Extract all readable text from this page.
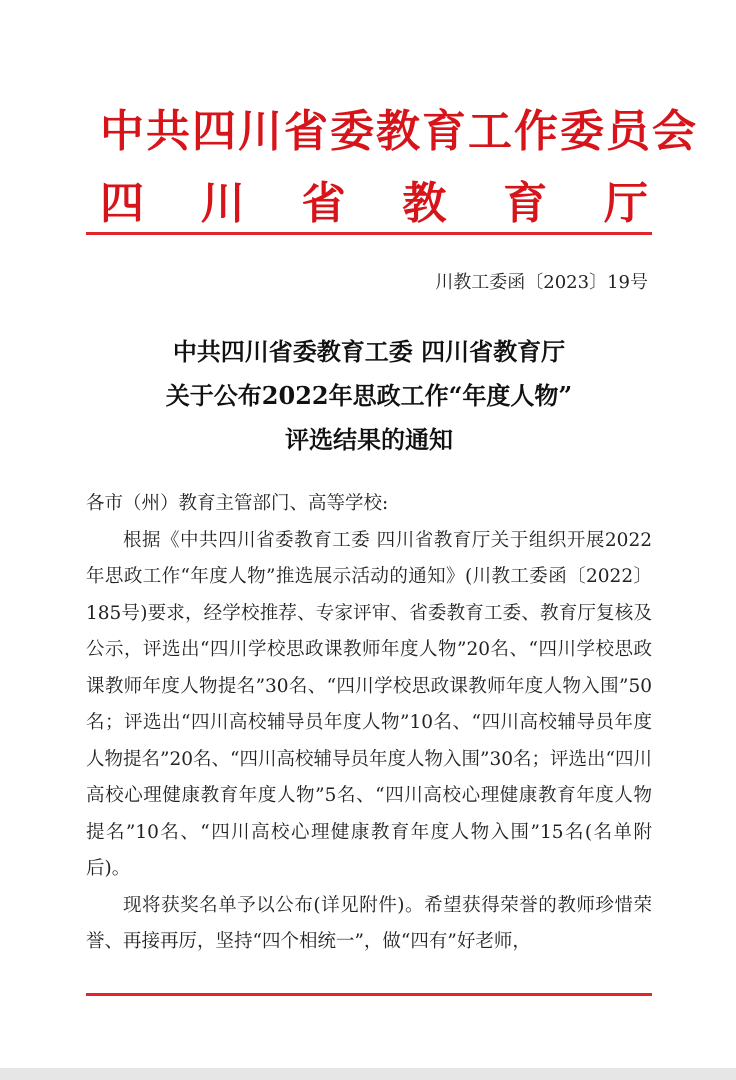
中共四川省委教育工作委员会
四 川 省 教 育 厅
川教工委函〔2023〕19号
中共四川省委教育工委 四川省教育厅
关于公布2022年思政工作“年度人物”
评选结果的通知

各市（州）教育主管部门、高等学校:

根据《中共四川省委教育工委 四川省教育厅关于组织开展2022年思政工作“年度人物”推选展示活动的通知》(川教工委函〔2022〕185号)要求，经学校推荐、专家评审、省委教育工委、教育厅复核及公示，评选出“四川学校思政课教师年度人物”20名、“四川学校思政课教师年度人物提名”30名、“四川学校思政课教师年度人物入围”50名；评选出“四川高校辅导员年度人物”10名、“四川高校辅导员年度人物提名”20名、“四川高校辅导员年度人物入围”30名；评选出“四川高校心理健康教育年度人物”5名、“四川高校心理健康教育年度人物提名”10名、“四川高校心理健康教育年度人物入围”15名(名单附后)。

现将获奖名单予以公布(详见附件)。希望获得荣誉的教师珍惜荣誉、再接再厉，坚持“四个相统一”，做“四有”好老师，
